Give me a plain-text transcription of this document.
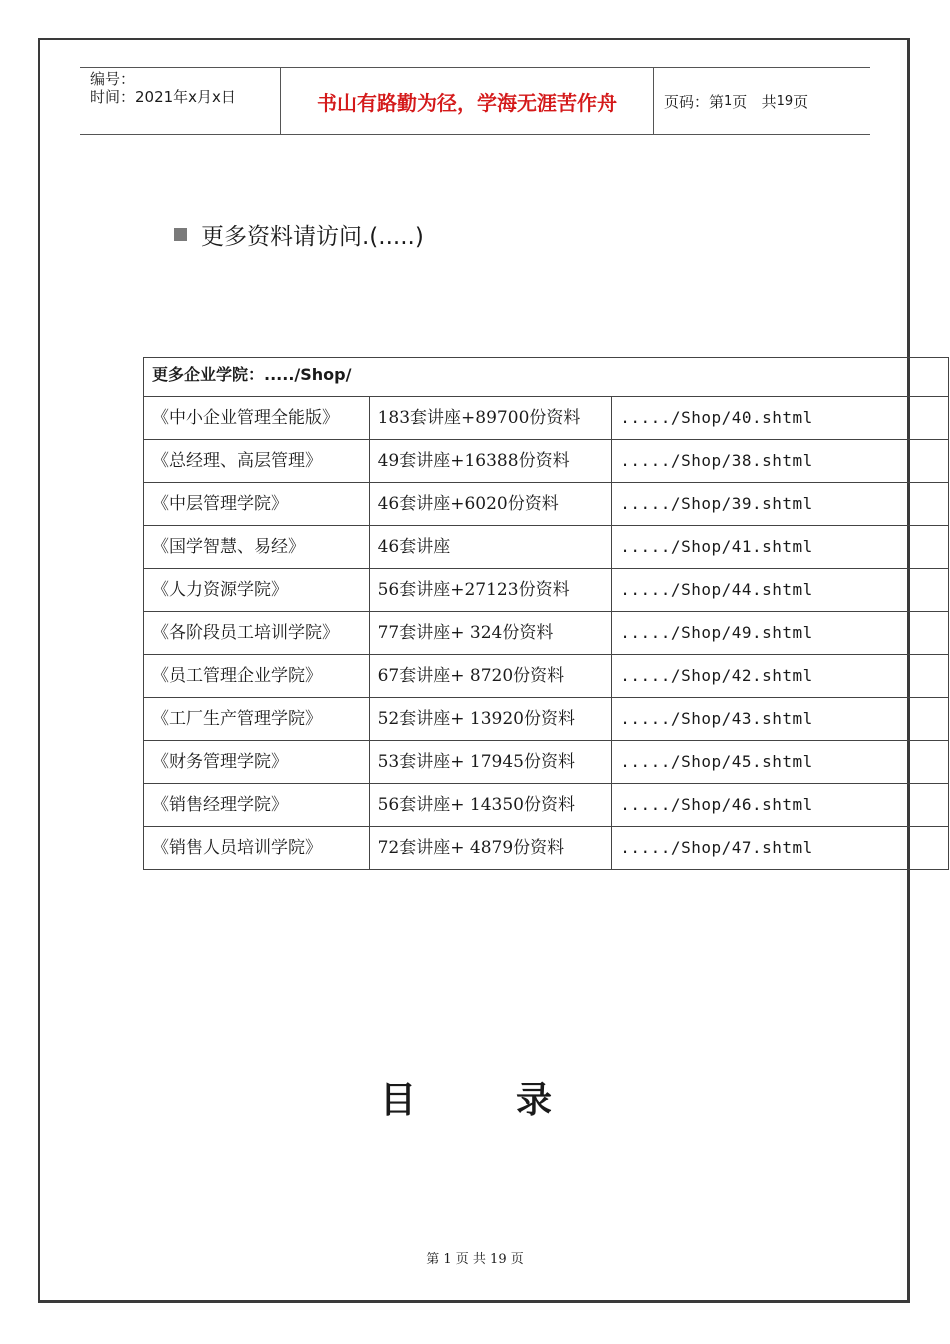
编号：
时间：2021年x月x日	书山有路勤为径，学海无涯苦作舟	页码：第 1 页   共 19 页
更多资料请访问.(.....)
更多企业学院：...../Shop/		
《中小企业管理全能版》	183套讲座+89700份资料	...../Shop/40.shtml
《总经理、高层管理》	49套讲座+16388份资料	...../Shop/38.shtml
《中层管理学院》	46套讲座+6020份资料	...../Shop/39.shtml
《国学智慧、易经》	46套讲座	...../Shop/41.shtml
《人力资源学院》	56套讲座+27123份资料	...../Shop/44.shtml
《各阶段员工培训学院》	77套讲座+ 324份资料	...../Shop/49.shtml
《员工管理企业学院》	67套讲座+ 8720份资料	...../Shop/42.shtml
《工厂生产管理学院》	52套讲座+ 13920份资料	...../Shop/43.shtml
《财务管理学院》	53套讲座+ 17945份资料	...../Shop/45.shtml
《销售经理学院》	56套讲座+ 14350份资料	...../Shop/46.shtml
《销售人员培训学院》	72套讲座+ 4879份资料	...../Shop/47.shtml
目	录
第 1 页 共 19 页
